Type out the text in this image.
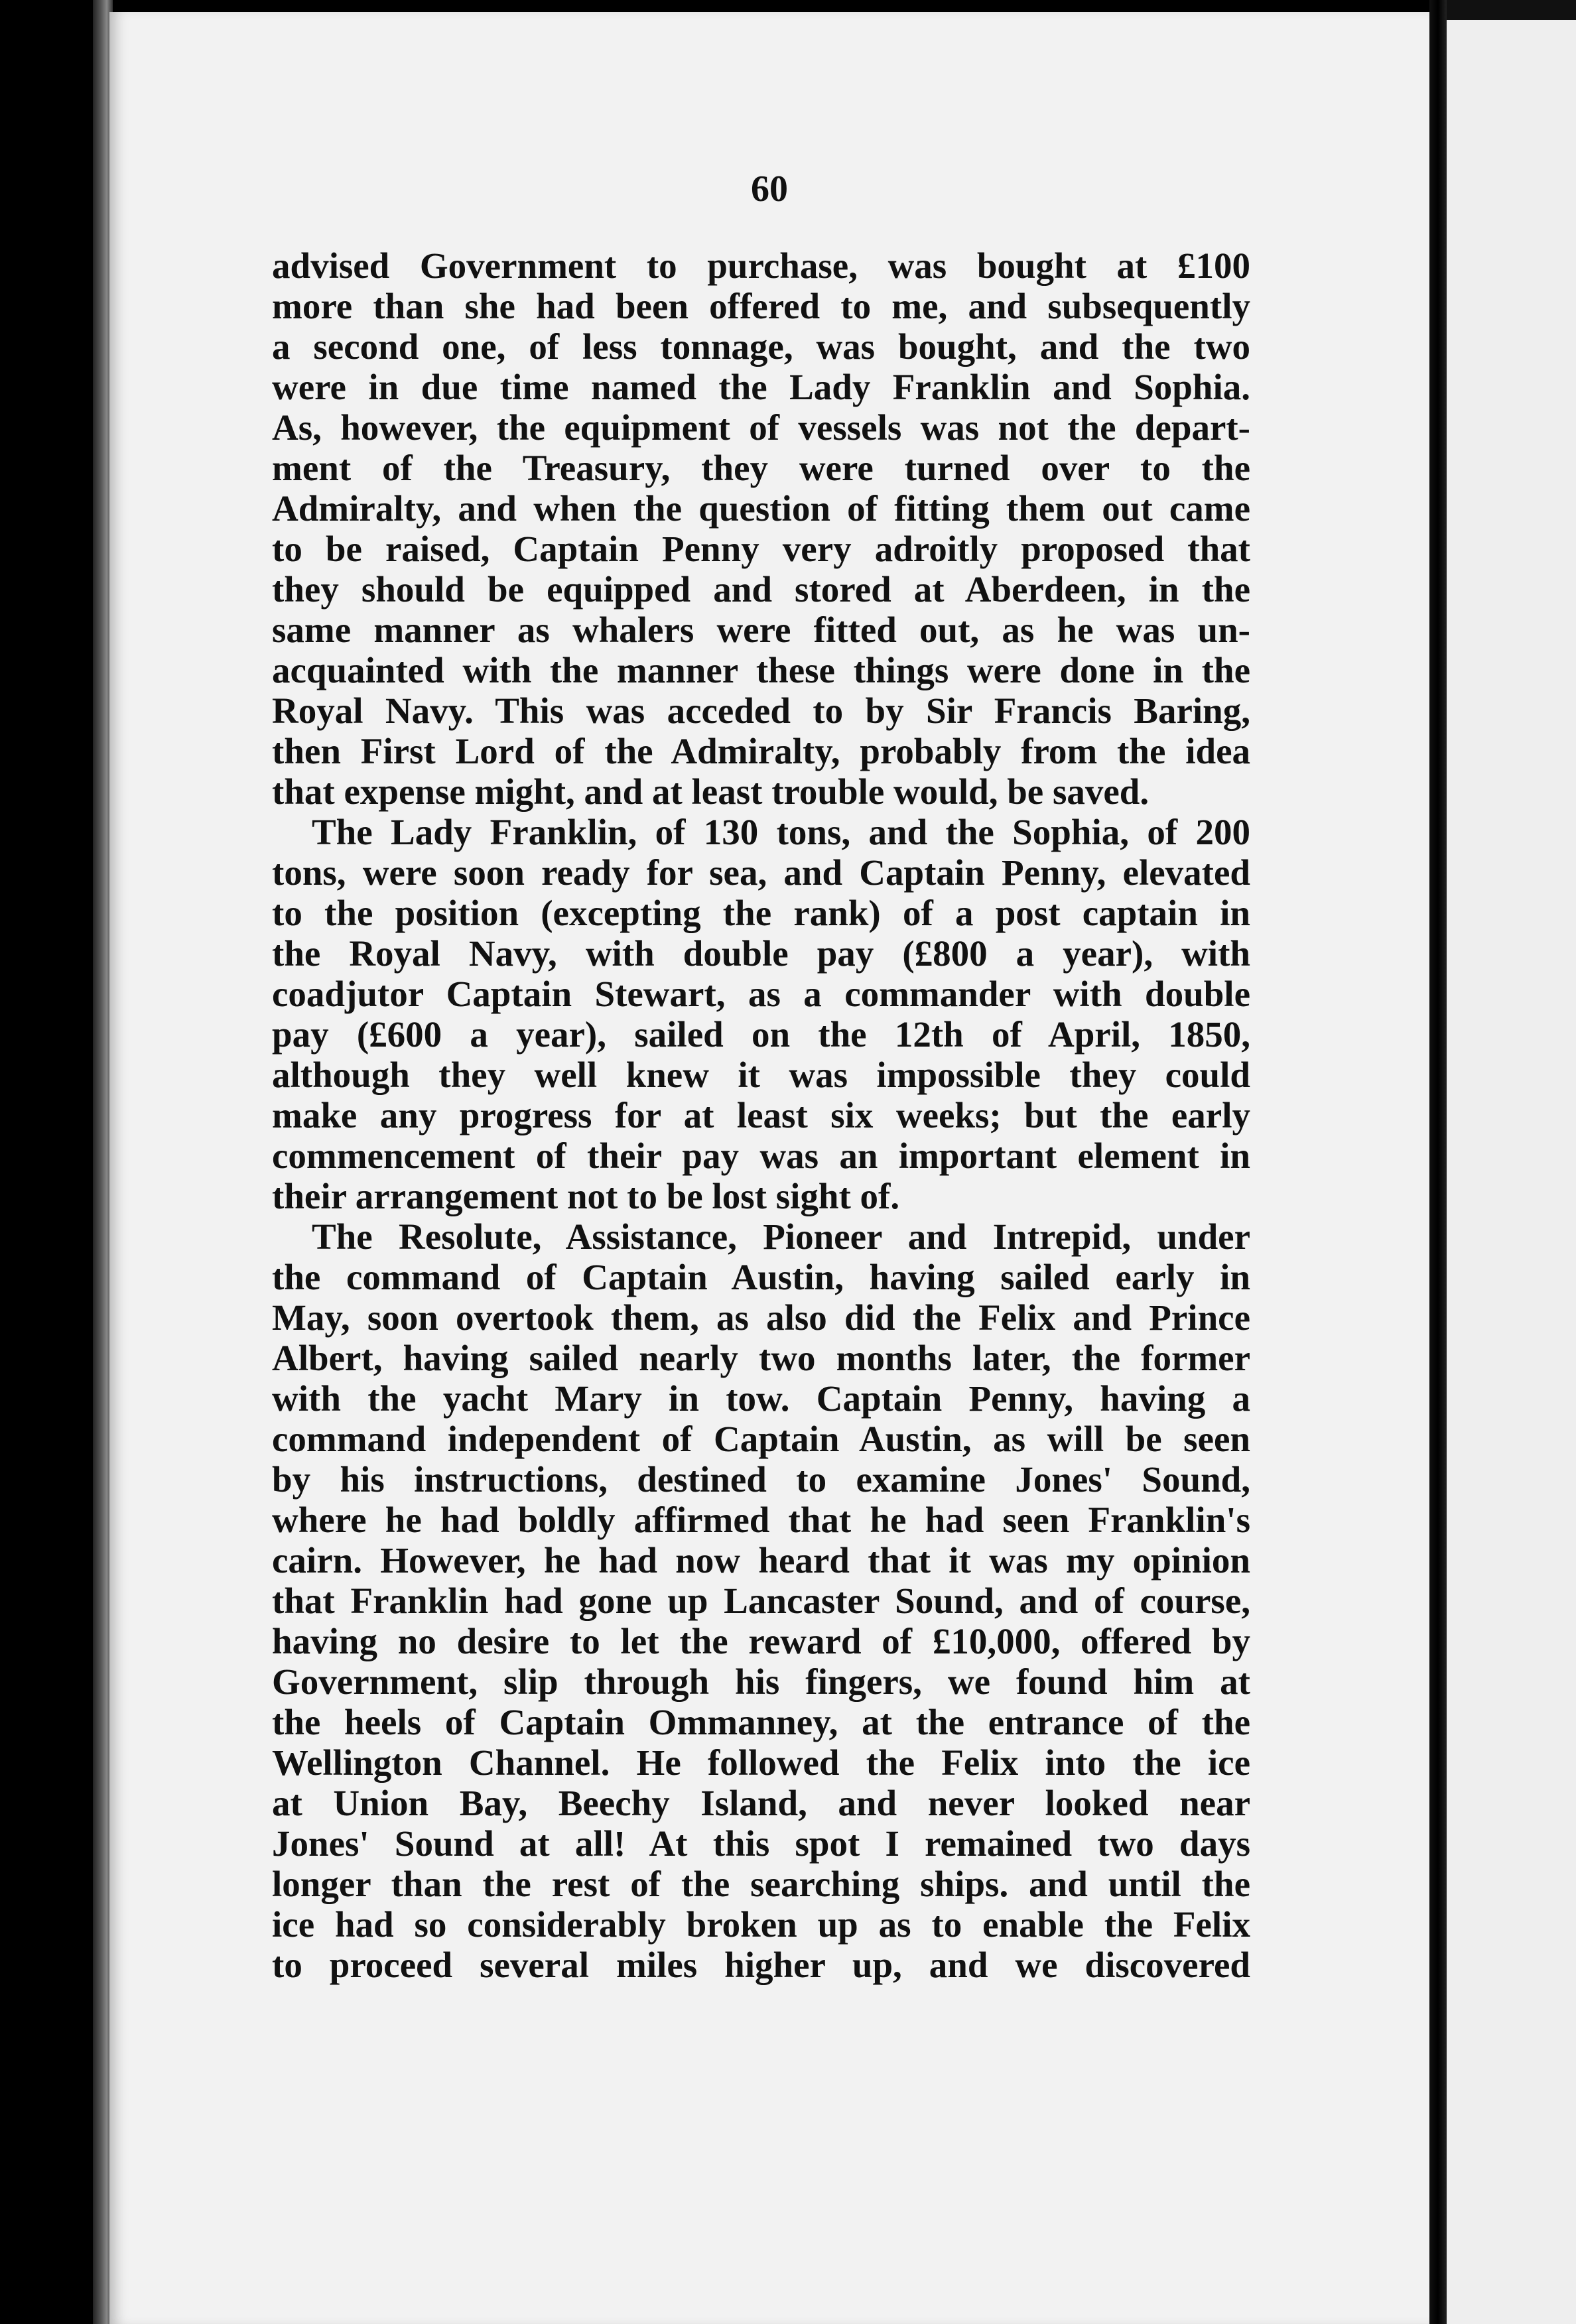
60
advised Government to purchase, was bought at £100
more than she had been offered to me, and subsequently
a second one, of less tonnage, was bought, and the two
were in due time named the Lady Franklin and Sophia.
As, however, the equipment of vessels was not the depart-
ment of the Treasury, they were turned over to the
Admiralty, and when the question of fitting them out came
to be raised, Captain Penny very adroitly proposed that
they should be equipped and stored at Aberdeen, in the
same manner as whalers were fitted out, as he was un-
acquainted with the manner these things were done in the
Royal Navy. This was acceded to by Sir Francis Baring,
then First Lord of the Admiralty, probably from the idea
that expense might, and at least trouble would, be saved.
The Lady Franklin, of 130 tons, and the Sophia, of 200
tons, were soon ready for sea, and Captain Penny, elevated
to the position (excepting the rank) of a post captain in
the Royal Navy, with double pay (£800 a year), with
coadjutor Captain Stewart, as a commander with double
pay (£600 a year), sailed on the 12th of April, 1850,
although they well knew it was impossible they could
make any progress for at least six weeks; but the early
commencement of their pay was an important element in
their arrangement not to be lost sight of.
The Resolute, Assistance, Pioneer and Intrepid, under
the command of Captain Austin, having sailed early in
May, soon overtook them, as also did the Felix and Prince
Albert, having sailed nearly two months later, the former
with the yacht Mary in tow. Captain Penny, having a
command independent of Captain Austin, as will be seen
by his instructions, destined to examine Jones' Sound,
where he had boldly affirmed that he had seen Franklin's
cairn. However, he had now heard that it was my opinion
that Franklin had gone up Lancaster Sound, and of course,
having no desire to let the reward of £10,000, offered by
Government, slip through his fingers, we found him at
the heels of Captain Ommanney, at the entrance of the
Wellington Channel. He followed the Felix into the ice
at Union Bay, Beechy Island, and never looked near
Jones' Sound at all! At this spot I remained two days
longer than the rest of the searching ships. and until the
ice had so considerably broken up as to enable the Felix
to proceed several miles higher up, and we discovered
